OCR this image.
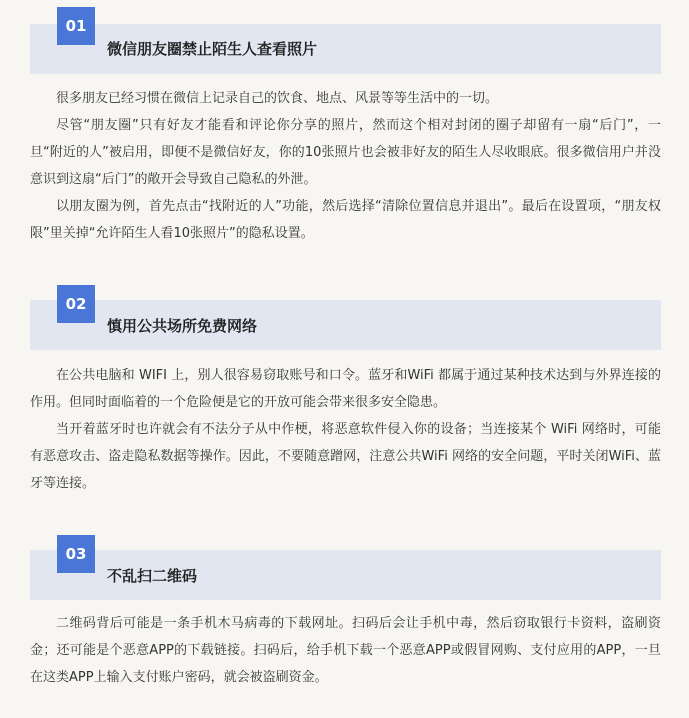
01
微信朋友圈禁止陌生人查看照片

很多朋友已经习惯在微信上记录自己的饮食、地点、风景等等生活中的一切。

尽管“朋友圈”只有好友才能看和评论你分享的照片，然而这个相对封闭的圈子却留有一扇“后门”，一旦“附近的人”被启用，即便不是微信好友，你的10张照片也会被非好友的陌生人尽收眼底。很多微信用户并没意识到这扇“后门”的敞开会导致自己隐私的外泄。

以朋友圈为例，首先点击“找附近的人”功能，然后选择“清除位置信息并退出”。最后在设置项，“朋友权限”里关掉“允许陌生人看10张照片”的隐私设置。

02
慎用公共场所免费网络

在公共电脑和 WIFI 上，别人很容易窃取账号和口令。蓝牙和WiFi 都属于通过某种技术达到与外界连接的作用。但同时面临着的一个危险便是它的开放可能会带来很多安全隐患。

当开着蓝牙时也许就会有不法分子从中作梗，将恶意软件侵入你的设备；当连接某个 WiFi 网络时，可能有恶意攻击、盗走隐私数据等操作。因此，不要随意蹭网，注意公共WiFi 网络的安全问题，平时关闭WiFi、蓝牙等连接。

03
不乱扫二维码

二维码背后可能是一条手机木马病毒的下载网址。扫码后会让手机中毒，然后窃取银行卡资料，盗刷资金；还可能是个恶意APP的下载链接。扫码后，给手机下载一个恶意APP或假冒网购、支付应用的APP，一旦在这类APP上输入支付账户密码，就会被盗刷资金。
